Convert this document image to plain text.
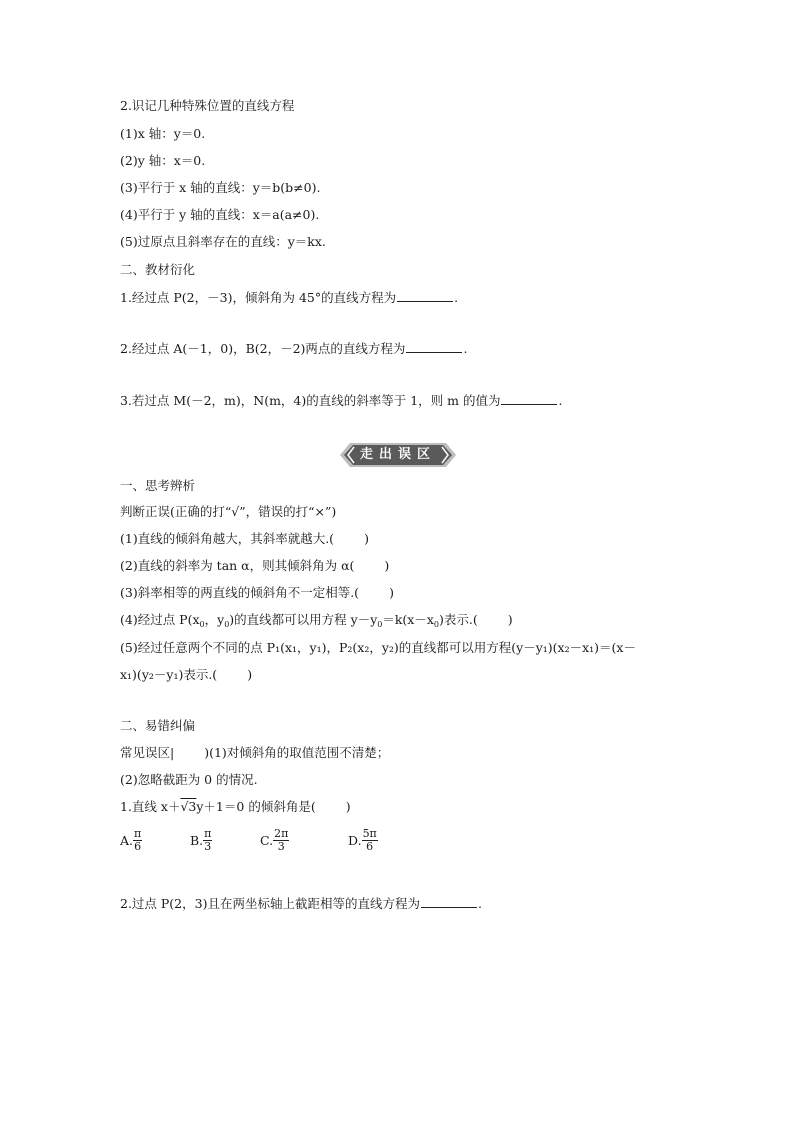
2.识记几种特殊位置的直线方程
(1)x 轴：y＝0.
(2)y 轴：x＝0.
(3)平行于 x 轴的直线：y＝b(b≠0).
(4)平行于 y 轴的直线：x＝a(a≠0).
(5)过原点且斜率存在的直线：y＝kx.
二、教材衍化
1.经过点 P(2，－3)，倾斜角为 45°的直线方程为	.
2.经过点 A(－1，0)，B(2，－2)两点的直线方程为	.
3.若过点 M(－2，m)，N(m，4)的直线的斜率等于 1，则 m 的值为	.
走出误区
一、思考辨析
判断正误(正确的打“√”，错误的打“×”)
(1)直线的倾斜角越大，其斜率就越大.( )
(2)直线的斜率为 tan α，则其倾斜角为 α( )
(3)斜率相等的两直线的倾斜角不一定相等.( )
(4)经过点 $P(x_0$，$y_0$)的直线都可以用方程 $y-y_0=k(x-x_0)$表示.( )
(5)经过任意两个不同的点 P₁(x₁，y₁)，P₂(x₂，y₂)的直线都可以用方程(y－y₁)(x₂－x₁)＝(x－
x₁)(y₂－y₁)表示.( )
二、易错纠偏
常见误区| )(1)对倾斜角的取值范围不清楚；
(2)忽略截距为 0 的情况.
1.直线 x＋√3y＋1＝0 的倾斜角是( )
A. $\frac{\pi}{6}$	B. $\frac{\pi}{3}$	C. $\frac{2\pi}{3}$	D. $\frac{5\pi}{6}$
2.过点 P(2，3)且在两坐标轴上截距相等的直线方程为	.
